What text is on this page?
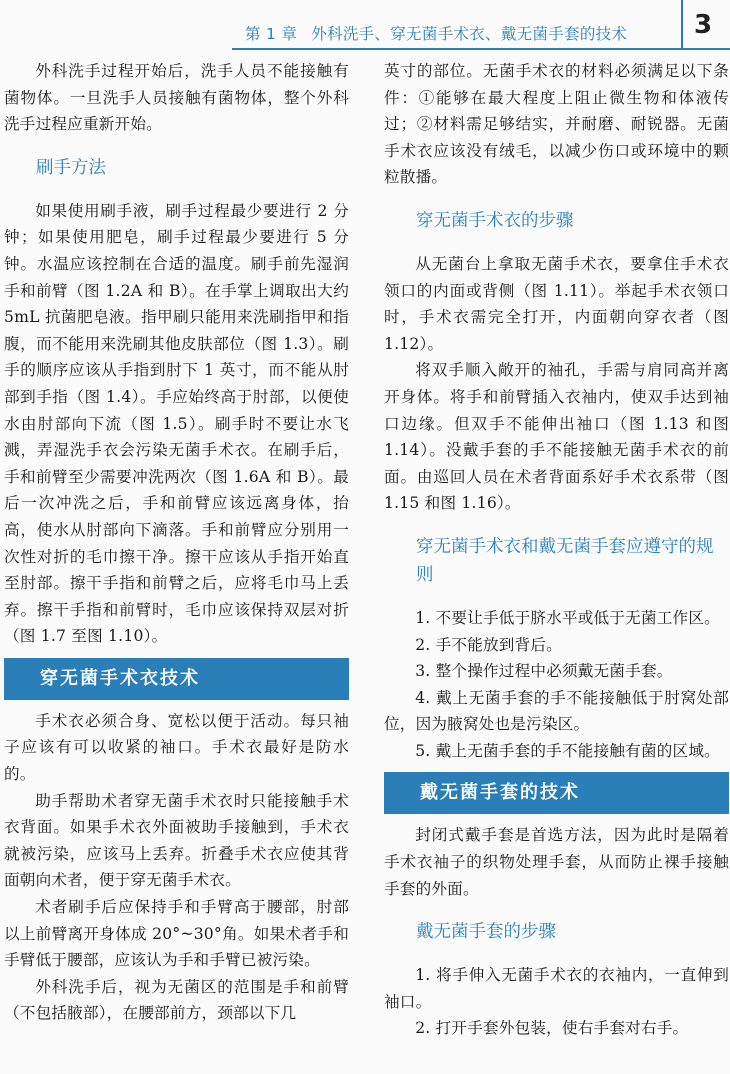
第 1 章 外科洗手、穿无菌手术衣、戴无菌手套的技术	3

外科洗手过程开始后，洗手人员不能接触有菌物体。一旦洗手人员接触有菌物体，整个外科洗手过程应重新开始。

刷手方法

如果使用刷手液，刷手过程最少要进行 2 分钟；如果使用肥皂，刷手过程最少要进行 5 分钟。水温应该控制在合适的温度。刷手前先湿润手和前臂（图 1.2A 和 B）。在手掌上调取出大约 5mL 抗菌肥皂液。指甲刷只能用来洗刷指甲和指腹，而不能用来洗刷其他皮肤部位（图 1.3）。刷手的顺序应该从手指到肘下 1 英寸，而不能从肘部到手指（图 1.4）。手应始终高于肘部，以便使水由肘部向下流（图 1.5）。刷手时不要让水飞溅，弄湿洗手衣会污染无菌手术衣。在刷手后，手和前臂至少需要冲洗两次（图 1.6A 和 B）。最后一次冲洗之后，手和前臂应该远离身体，抬高，使水从肘部向下滴落。手和前臂应分别用一次性对折的毛巾擦干净。擦干应该从手指开始直至肘部。擦干手指和前臂之后，应将毛巾马上丢弃。擦干手指和前臂时，毛巾应该保持双层对折（图 1.7 至图 1.10）。

穿无菌手术衣技术

手术衣必须合身、宽松以便于活动。每只袖子应该有可以收紧的袖口。手术衣最好是防水的。

助手帮助术者穿无菌手术衣时只能接触手术衣背面。如果手术衣外面被助手接触到，手术衣就被污染，应该马上丢弃。折叠手术衣应使其背面朝向术者，便于穿无菌手术衣。

术者刷手后应保持手和手臂高于腰部，肘部以上前臂离开身体成 20°~30°角。如果术者手和手臂低于腰部，应该认为手和手臂已被污染。

外科洗手后，视为无菌区的范围是手和前臂（不包括腋部），在腰部前方，颈部以下几

英寸的部位。无菌手术衣的材料必须满足以下条件：①能够在最大程度上阻止微生物和体液传过；②材料需足够结实，并耐磨、耐锐器。无菌手术衣应该没有绒毛，以减少伤口或环境中的颗粒散播。

穿无菌手术衣的步骤

从无菌台上拿取无菌手术衣，要拿住手术衣领口的内面或背侧（图 1.11）。举起手术衣领口时，手术衣需完全打开，内面朝向穿衣者（图 1.12）。

将双手顺入敞开的袖孔，手需与肩同高并离开身体。将手和前臂插入衣袖内，使双手达到袖口边缘。但双手不能伸出袖口（图 1.13 和图 1.14）。没戴手套的手不能接触无菌手术衣的前面。由巡回人员在术者背面系好手术衣系带（图 1.15 和图 1.16）。

穿无菌手术衣和戴无菌手套应遵守的规则

1. 不要让手低于脐水平或低于无菌工作区。

2. 手不能放到背后。

3. 整个操作过程中必须戴无菌手套。

4. 戴上无菌手套的手不能接触低于肘窝处部位，因为腋窝处也是污染区。

5. 戴上无菌手套的手不能接触有菌的区域。

戴无菌手套的技术

封闭式戴手套是首选方法，因为此时是隔着手术衣袖子的织物处理手套，从而防止裸手接触手套的外面。

戴无菌手套的步骤

1. 将手伸入无菌手术衣的衣袖内，一直伸到袖口。

2. 打开手套外包装，使右手套对右手。
